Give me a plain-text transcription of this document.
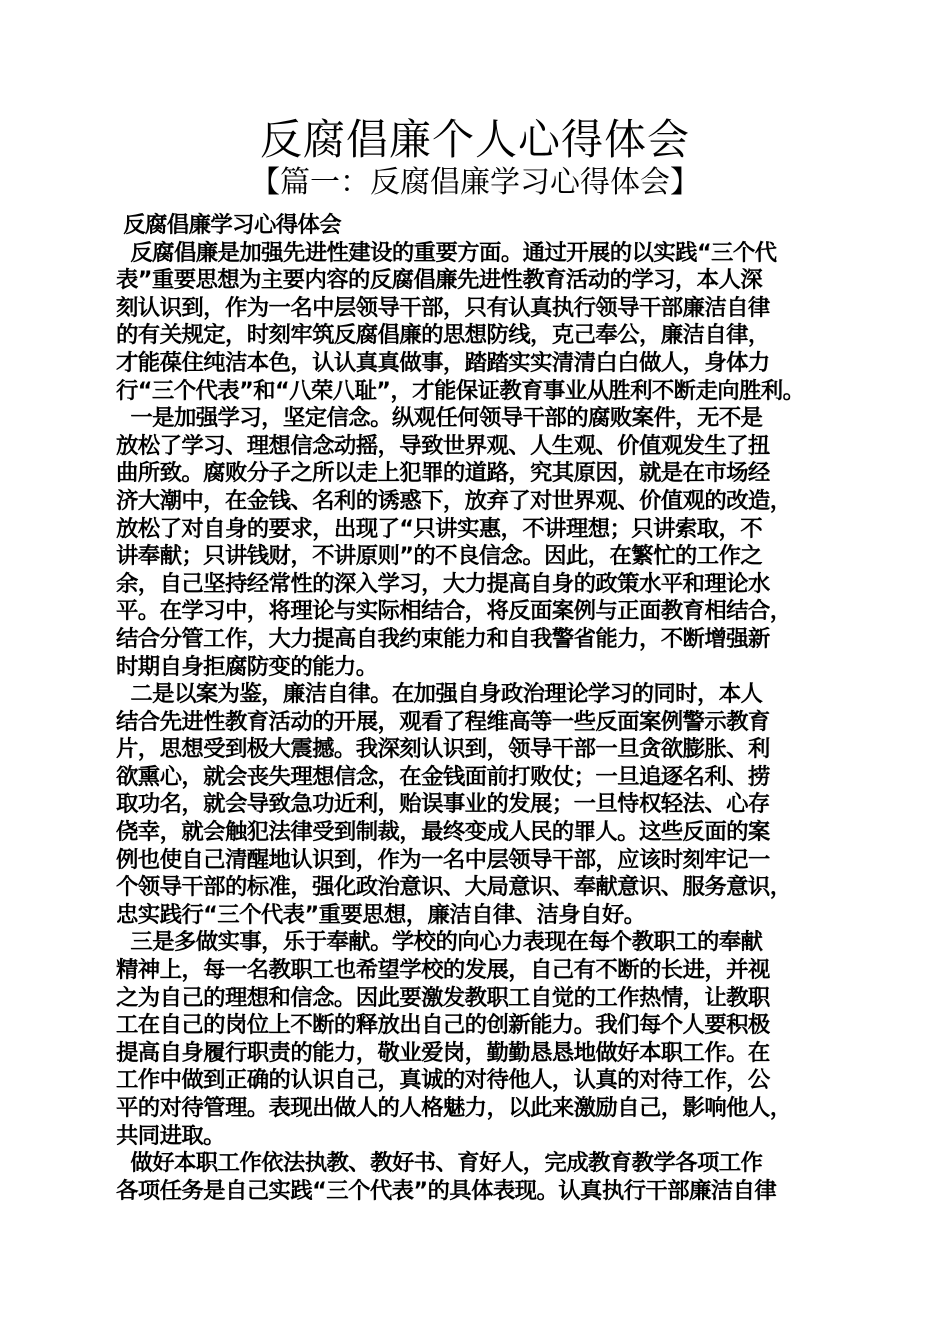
反腐倡廉个人心得体会
【篇一：反腐倡廉学习心得体会】
反腐倡廉学习心得体会
反腐倡廉是加强先进性建设的重要方面。通过开展的以实践“三个代
表”重要思想为主要内容的反腐倡廉先进性教育活动的学习，本人深
刻认识到，作为一名中层领导干部，只有认真执行领导干部廉洁自律
的有关规定，时刻牢筑反腐倡廉的思想防线，克己奉公，廉洁自律，
才能葆住纯洁本色，认认真真做事，踏踏实实清清白白做人，身体力
行“三个代表”和“八荣八耻”，才能保证教育事业从胜利不断走向胜利。
一是加强学习，坚定信念。纵观任何领导干部的腐败案件，无不是
放松了学习、理想信念动摇，导致世界观、人生观、价值观发生了扭
曲所致。腐败分子之所以走上犯罪的道路，究其原因，就是在市场经
济大潮中，在金钱、名利的诱惑下，放弃了对世界观、价值观的改造，
放松了对自身的要求，出现了“只讲实惠，不讲理想；只讲索取，不
讲奉献；只讲钱财，不讲原则”的不良信念。因此，在繁忙的工作之
余，自己坚持经常性的深入学习，大力提高自身的政策水平和理论水
平。在学习中，将理论与实际相结合，将反面案例与正面教育相结合，
结合分管工作，大力提高自我约束能力和自我警省能力，不断增强新
时期自身拒腐防变的能力。
二是以案为鉴，廉洁自律。在加强自身政治理论学习的同时，本人
结合先进性教育活动的开展，观看了程维高等一些反面案例警示教育
片，思想受到极大震撼。我深刻认识到，领导干部一旦贪欲膨胀、利
欲熏心，就会丧失理想信念，在金钱面前打败仗；一旦追逐名利、捞
取功名，就会导致急功近利，贻误事业的发展；一旦恃权轻法、心存
侥幸，就会触犯法律受到制裁，最终变成人民的罪人。这些反面的案
例也使自己清醒地认识到，作为一名中层领导干部，应该时刻牢记一
个领导干部的标准，强化政治意识、大局意识、奉献意识、服务意识，
忠实践行“三个代表”重要思想，廉洁自律、洁身自好。
三是多做实事，乐于奉献。学校的向心力表现在每个教职工的奉献
精神上，每一名教职工也希望学校的发展，自己有不断的长进，并视
之为自己的理想和信念。因此要激发教职工自觉的工作热情，让教职
工在自己的岗位上不断的释放出自己的创新能力。我们每个人要积极
提高自身履行职责的能力，敬业爱岗，勤勤恳恳地做好本职工作。在
工作中做到正确的认识自己，真诚的对待他人，认真的对待工作，公
平的对待管理。表现出做人的人格魅力，以此来激励自己，影响他人，
共同进取。
做好本职工作依法执教、教好书、育好人，完成教育教学各项工作
各项任务是自己实践“三个代表”的具体表现。认真执行干部廉洁自律
